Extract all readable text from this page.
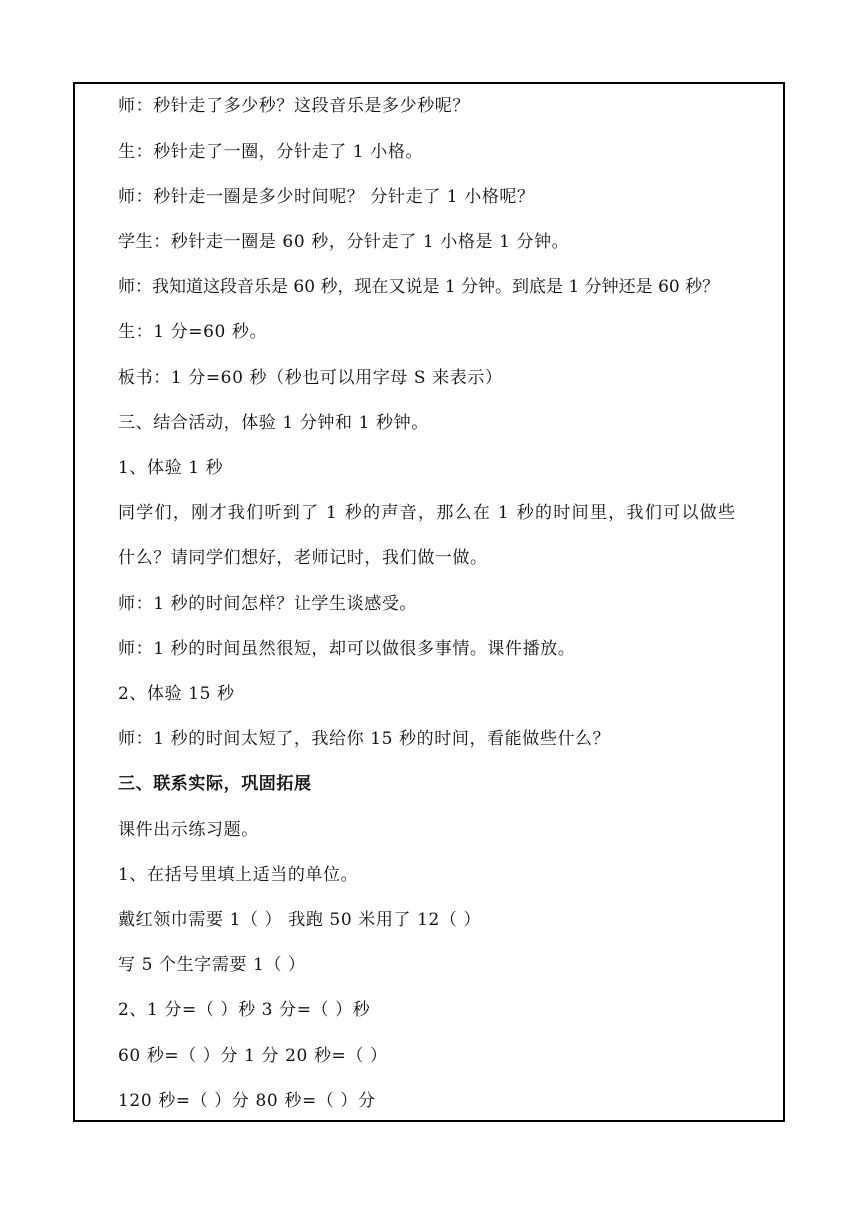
师：秒针走了多少秒？这段音乐是多少秒呢？
生：秒针走了一圈，分针走了 1 小格。
师：秒针走一圈是多少时间呢？ 分针走了 1 小格呢？
学生：秒针走一圈是 60 秒，分针走了 1 小格是 1 分钟。
师：我知道这段音乐是 60 秒，现在又说是 1 分钟。到底是 1 分钟还是 60 秒？
生：1 分=60 秒。
板书：1 分=60 秒（秒也可以用字母 S 来表示）
三、结合活动，体验 1 分钟和 1 秒钟。
1、体验 1 秒
同学们，刚才我们听到了 1 秒的声音，那么在 1 秒的时间里，我们可以做些
什么？请同学们想好，老师记时，我们做一做。
师：1 秒的时间怎样？让学生谈感受。
师：1 秒的时间虽然很短，却可以做很多事情。课件播放。
2、体验 15 秒
师：1 秒的时间太短了，我给你 15 秒的时间，看能做些什么？
三、联系实际，巩固拓展
课件出示练习题。
1、在括号里填上适当的单位。
戴红领巾需要 1（ ） 我跑 50 米用了 12（ ）
写 5 个生字需要 1（ ）
2、1 分=（ ）秒 3 分=（ ）秒
60 秒=（ ）分 1 分 20 秒=（ ）
120 秒=（ ）分 80 秒=（ ）分
